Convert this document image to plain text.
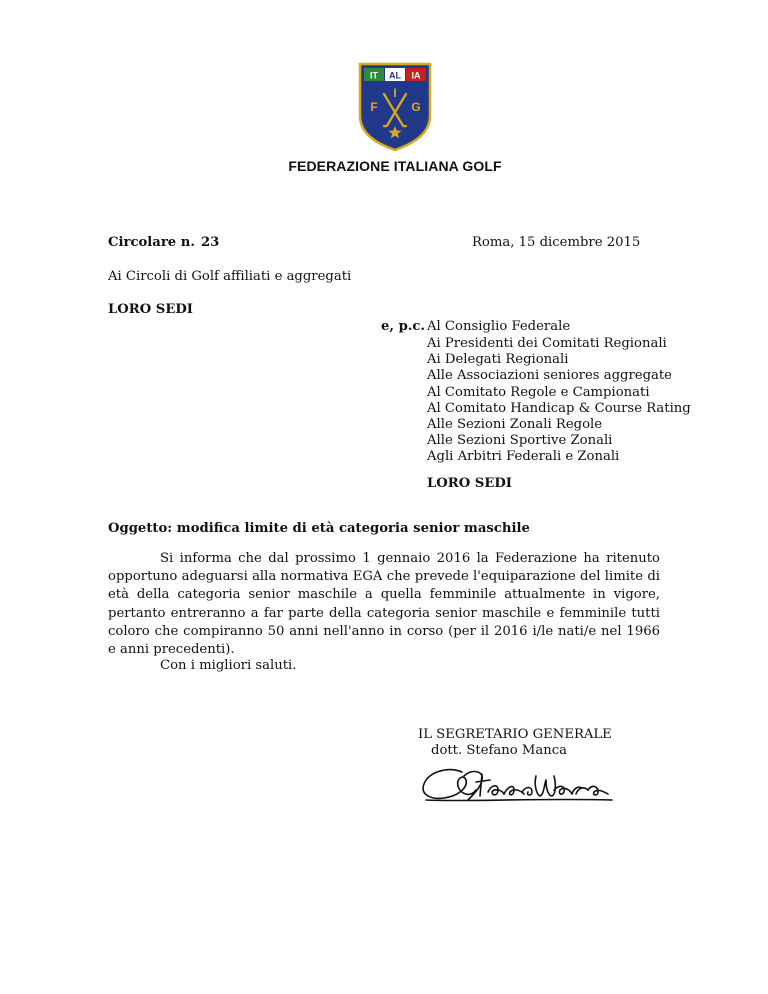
IT AL IA
I
F	G
FEDERAZIONE ITALIANA GOLF
Circolare n. 23	Roma, 15 dicembre 2015
Ai Circoli di Golf affiliati e aggregati
LORO SEDI
e, p.c. Al Consiglio Federale
Ai Presidenti dei Comitati Regionali
Ai Delegati Regionali
Alle Associazioni seniores aggregate
Al Comitato Regole e Campionati
Al Comitato Handicap & Course Rating
Alle Sezioni Zonali Regole
Alle Sezioni Sportive Zonali
Agli Arbitri Federali e Zonali
LORO SEDI
Oggetto: modifica limite di età categoria senior maschile
Si informa che dal prossimo 1 gennaio 2016 la Federazione ha ritenuto opportuno adeguarsi alla normativa EGA che prevede l'equiparazione del limite di età della categoria senior maschile a quella femminile attualmente in vigore, pertanto entreranno a far parte della categoria senior maschile e femminile tutti coloro che compiranno 50 anni nell'anno in corso (per il 2016 i/le nati/e nel 1966 e anni precedenti).
Con i migliori saluti.
IL SEGRETARIO GENERALE
dott. Stefano Manca
